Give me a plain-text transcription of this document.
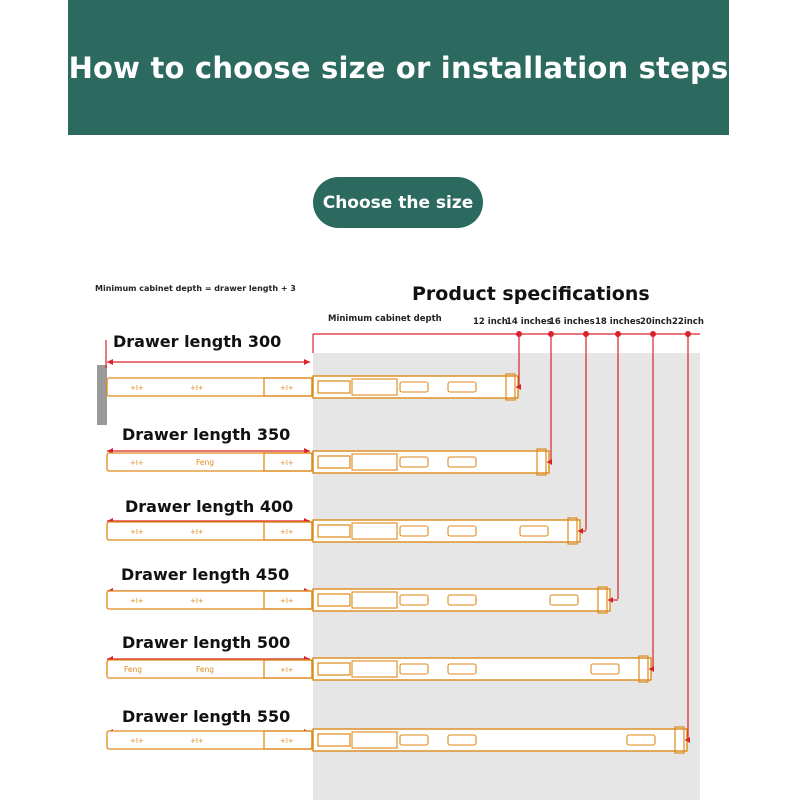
How to choose size or installation steps
Choose the size
Minimum cabinet depth = drawer length + 3	Product specifications
Minimum cabinet depth	12 inch
14 inches
16 inches 18 inches 20inch 22inch
Drawer length 300
+I+	+I+	+I+
Drawer length 350
+I+	+I+
Feng
Drawer length 400
+I+	+I+	+I+
Drawer length 450
+I+	+I+	+I+
Drawer length 500
+I+
Feng	Feng
Drawer length 550
+I+	+I+	+I+
